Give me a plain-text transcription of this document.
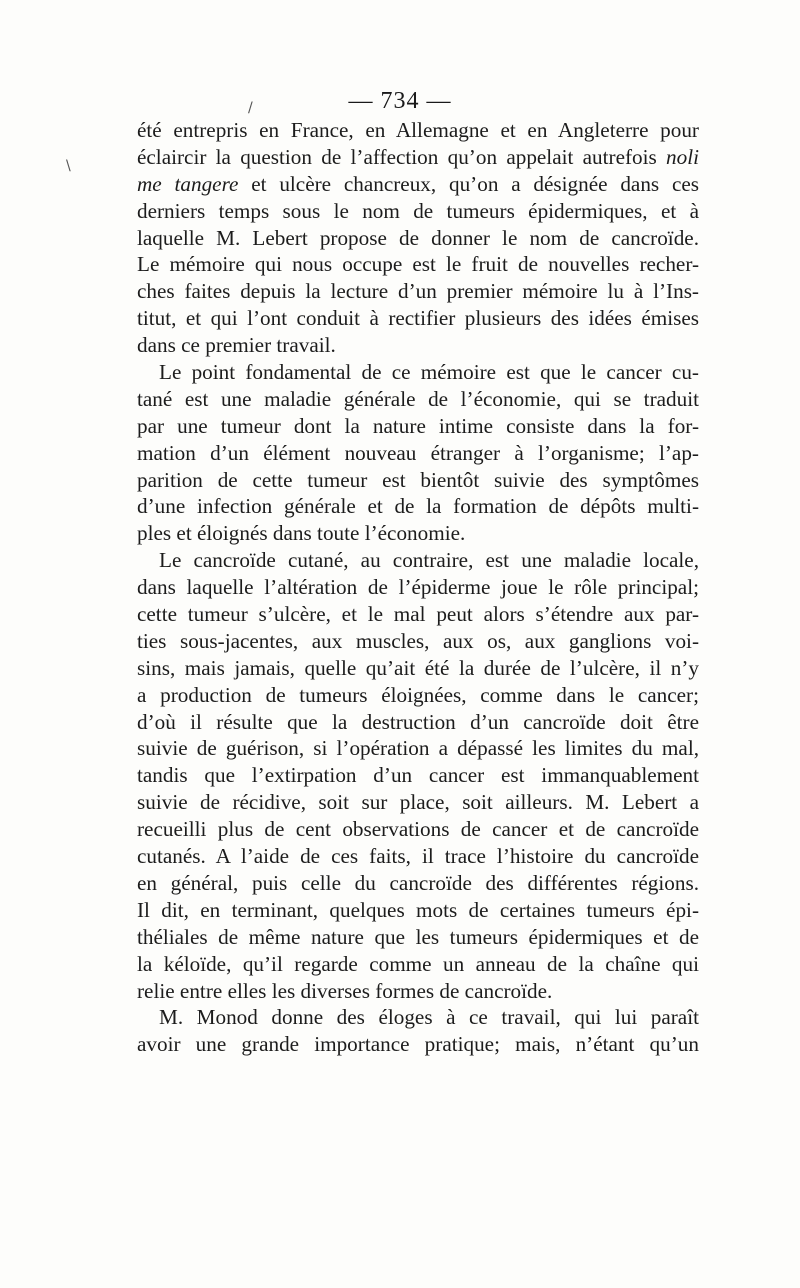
— 734 —
/
\
été entrepris en France, en Allemagne et en Angleterre pour
éclaircir la question de l’affection qu’on appelait autrefois noli
me tangere et ulcère chancreux, qu’on a désignée dans ces
derniers temps sous le nom de tumeurs épidermiques, et à
laquelle M. Lebert propose de donner le nom de cancroïde.
Le mémoire qui nous occupe est le fruit de nouvelles recher-
ches faites depuis la lecture d’un premier mémoire lu à l’Ins-
titut, et qui l’ont conduit à rectifier plusieurs des idées émises
dans ce premier travail.
Le point fondamental de ce mémoire est que le cancer cu-
tané est une maladie générale de l’économie, qui se traduit
par une tumeur dont la nature intime consiste dans la for-
mation d’un élément nouveau étranger à l’organisme; l’ap-
parition de cette tumeur est bientôt suivie des symptômes
d’une infection générale et de la formation de dépôts multi-
ples et éloignés dans toute l’économie.
Le cancroïde cutané, au contraire, est une maladie locale,
dans laquelle l’altération de l’épiderme joue le rôle principal;
cette tumeur s’ulcère, et le mal peut alors s’étendre aux par-
ties sous-jacentes, aux muscles, aux os, aux ganglions voi-
sins, mais jamais, quelle qu’ait été la durée de l’ulcère, il n’y
a production de tumeurs éloignées, comme dans le cancer;
d’où il résulte que la destruction d’un cancroïde doit être
suivie de guérison, si l’opération a dépassé les limites du mal,
tandis que l’extirpation d’un cancer est immanquablement
suivie de récidive, soit sur place, soit ailleurs. M. Lebert a
recueilli plus de cent observations de cancer et de cancroïde
cutanés. A l’aide de ces faits, il trace l’histoire du cancroïde
en général, puis celle du cancroïde des différentes régions.
Il dit, en terminant, quelques mots de certaines tumeurs épi-
théliales de même nature que les tumeurs épidermiques et de
la kéloïde, qu’il regarde comme un anneau de la chaîne qui
relie entre elles les diverses formes de cancroïde.
M. Monod donne des éloges à ce travail, qui lui paraît
avoir une grande importance pratique; mais, n’étant qu’un
